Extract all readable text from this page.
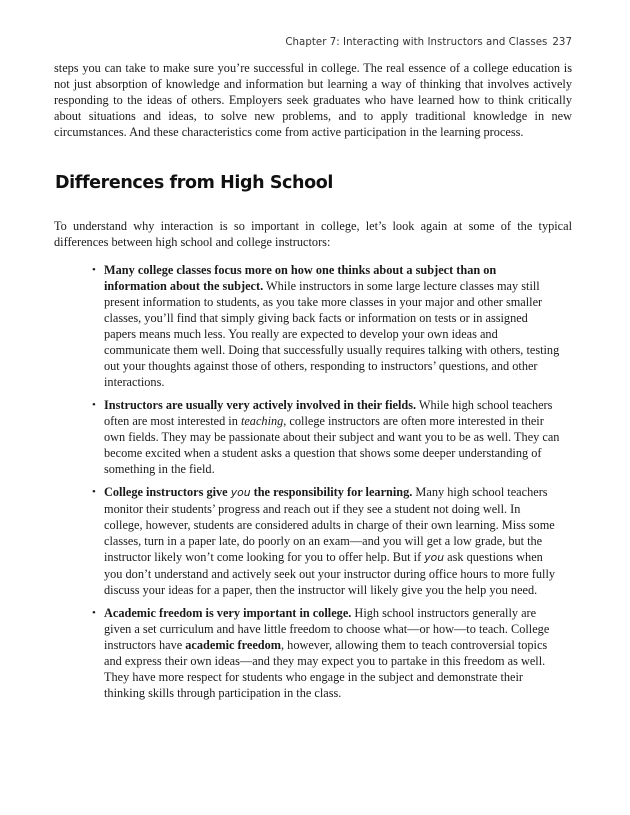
Chapter 7: Interacting with Instructors and Classes 237

steps you can take to make sure you’re successful in college. The real essence of a college education is not just absorption of knowledge and information but learning a way of thinking that involves actively responding to the ideas of others. Employers seek graduates who have learned how to think critically about situations and ideas, to solve new problems, and to apply traditional knowledge in new circumstances. And these characteristics come from active participation in the learning process.

Differences from High School

To understand why interaction is so important in college, let’s look again at some of the typical differences between high school and college instructors:

• Many college classes focus more on how one thinks about a subject than on information about the subject. While instructors in some large lecture classes may still present information to students, as you take more classes in your major and other smaller classes, you’ll find that simply giving back facts or information on tests or in assigned papers means much less. You really are expected to develop your own ideas and communicate them well. Doing that successfully usually requires talking with others, testing out your thoughts against those of others, responding to instructors’ questions, and other interactions.
• Instructors are usually very actively involved in their fields. While high school teachers often are most interested in teaching, college instructors are often more interested in their own fields. They may be passionate about their subject and want you to be as well. They can become excited when a student asks a question that shows some deeper understanding of something in the field.
• College instructors give you the responsibility for learning. Many high school teachers monitor their students’ progress and reach out if they see a student not doing well. In college, however, students are considered adults in charge of their own learning. Miss some classes, turn in a paper late, do poorly on an exam—and you will get a low grade, but the instructor likely won’t come looking for you to offer help. But if you ask questions when you don’t understand and actively seek out your instructor during office hours to more fully discuss your ideas for a paper, then the instructor will likely give you the help you need.
• Academic freedom is very important in college. High school instructors generally are given a set curriculum and have little freedom to choose what—or how—to teach. College instructors have academic freedom, however, allowing them to teach controversial topics and express their own ideas—and they may expect you to partake in this freedom as well. They have more respect for students who engage in the subject and demonstrate their thinking skills through participation in the class.
